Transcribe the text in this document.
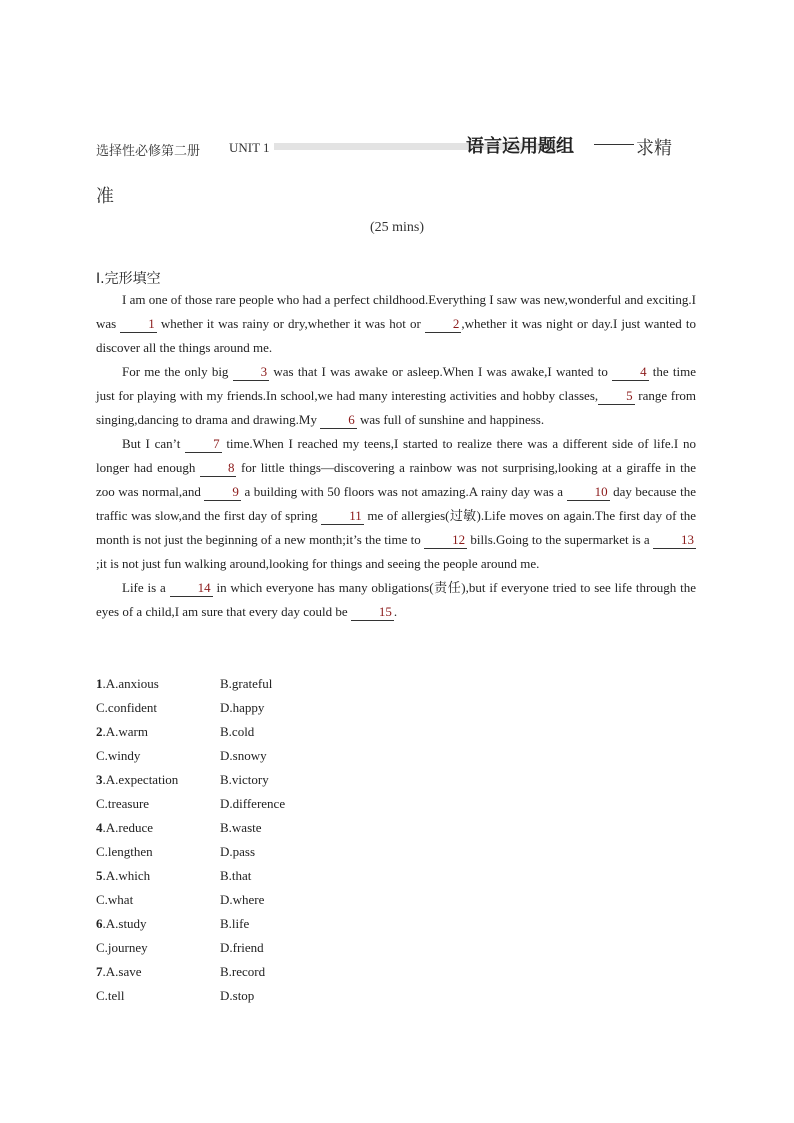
选择性必修第二册 UNIT 1	语言运用题组	求精
准
(25 mins)
Ⅰ.完形填空

I am one of those rare people who had a perfect childhood.Everything I saw was new,wonderful and exciting.I was 1 whether it was rainy or dry,whether it was hot or 2 ,whether it was night or day.I just wanted to discover all the things around me.

For me the only big 3 was that I was awake or asleep.When I was awake,I wanted to 4 the time just for playing with my friends.In school,we had many interesting activities and hobby classes, 5 range from singing,dancing to drama and drawing.My 6 was full of sunshine and happiness.

But I can’t 7 time.When I reached my teens,I started to realize there was a different side of life.I no longer had enough 8 for little things—discovering a rainbow was not surprising,looking at a giraffe in the zoo was normal,and 9 a building with 50 floors was not amazing.A rainy day was a 10 day because the traffic was slow,and the first day of spring 11 me of allergies(过敏).Life moves on again.The first day of the month is not just the beginning of a new month;it’s the time to 12 bills.Going to the supermarket is a 13;it is not just fun walking around,looking for things and seeing the people around me.

Life is a 14 in which everyone has many obligations(责任),but if everyone tried to see life through the eyes of a child,I am sure that every day could be 15 .

1.A.anxious	B.grateful
C.confident	D.happy
2.A.warm	B.cold
C.windy	D.snowy
3.A.expectation	B.victory
C.treasure	D.difference
4.A.reduce	B.waste
C.lengthen	D.pass
5.A.which	B.that
C.what	D.where
6.A.study	B.life
C.journey	D.friend
7.A.save	B.record
C.tell	D.stop
